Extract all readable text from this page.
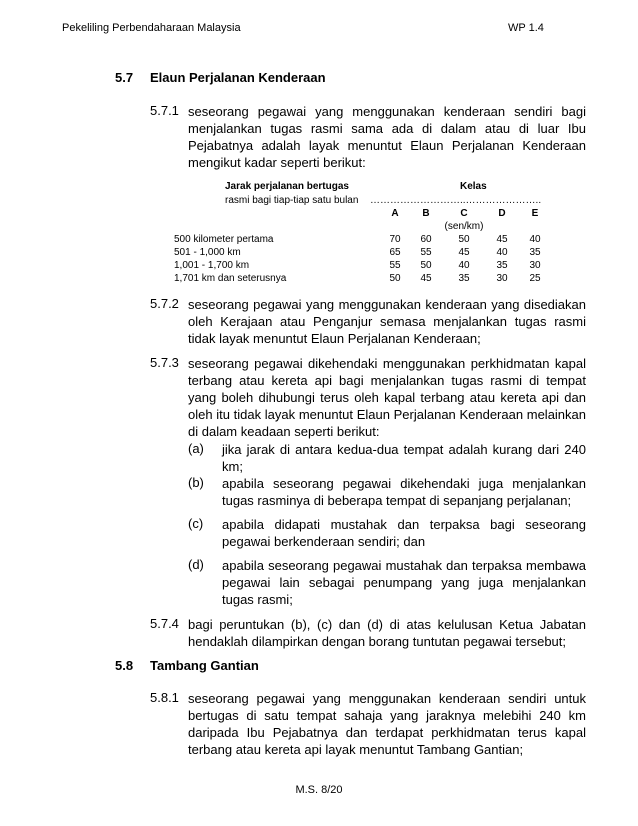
Pekeliling Perbendaharaan Malaysia	WP 1.4
5.7 Elaun Perjalanan Kenderaan
5.7.1 seseorang pegawai yang menggunakan kenderaan sendiri bagi menjalankan tugas rasmi sama ada di dalam atau di luar Ibu Pejabatnya adalah layak menuntut Elaun Perjalanan Kenderaan mengikut kadar seperti berikut:
Jarak perjalanan bertugas
rasmi bagi tiap-tiap satu bulan
Kelas
………………………..…………………..
A	B	C	D	E
(sen/km)
500 kilometer pertama	70	60	50	45	40
501 - 1,000 km	65	55	45	40	35
1,001 - 1,700 km	55	50	40	35	30
1,701 km dan seterusnya	50	45	35	30	25
5.7.2 seseorang pegawai yang menggunakan kenderaan yang disediakan oleh Kerajaan atau Penganjur semasa menjalankan tugas rasmi tidak layak menuntut Elaun Perjalanan Kenderaan;
5.7.3 seseorang pegawai dikehendaki menggunakan perkhidmatan kapal terbang atau kereta api bagi menjalankan tugas rasmi di tempat yang boleh dihubungi terus oleh kapal terbang atau kereta api dan oleh itu tidak layak menuntut Elaun Perjalanan Kenderaan melainkan di dalam keadaan seperti berikut:
(a) jika jarak di antara kedua-dua tempat adalah kurang dari 240 km;
(b) apabila seseorang pegawai dikehendaki juga menjalankan tugas rasminya di beberapa tempat di sepanjang perjalanan;
(c) apabila didapati mustahak dan terpaksa bagi seseorang pegawai berkenderaan sendiri; dan
(d) apabila seseorang pegawai mustahak dan terpaksa membawa pegawai lain sebagai penumpang yang juga menjalankan tugas rasmi;
5.7.4 bagi peruntukan (b), (c) dan (d) di atas kelulusan Ketua Jabatan hendaklah dilampirkan dengan borang tuntutan pegawai tersebut;
5.8 Tambang Gantian
5.8.1 seseorang pegawai yang menggunakan kenderaan sendiri untuk bertugas di satu tempat sahaja yang jaraknya melebihi 240 km daripada Ibu Pejabatnya dan terdapat perkhidmatan terus kapal terbang atau kereta api layak menuntut Tambang Gantian;
M.S. 8/20
